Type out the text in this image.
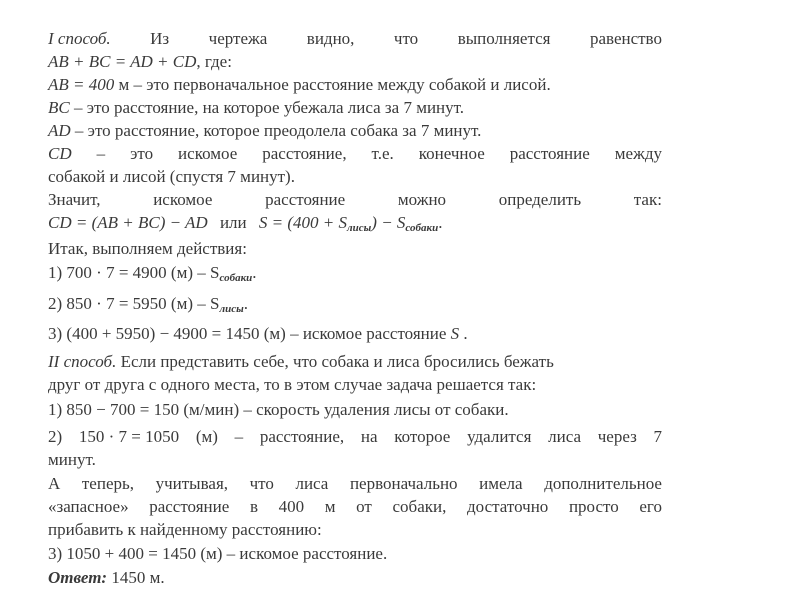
I способ. Из чертежа видно, что выполняется равенство
AB + BC = AD + CD, где:
AB = 400 м – это первоначальное расстояние между собакой и лисой.
BC – это расстояние, на которое убежала лиса за 7 минут.
AD – это расстояние, которое преодолела собака за 7 минут.
CD – это искомое расстояние, т.е. конечное расстояние между
собакой и лисой (спустя 7 минут).
Значит,	искомое	расстояние	можно	определить	так:
CD = (AB + BC) − AD или $S = (400 + S_{лисы}) - S_{собаки}$.
Итак, выполняем действия:
1) 700 · 7 = 4900 $(м) - S_{собаки}$.
2) 850 · 7 = 5950 $(м) - S_{лисы}$.
3) (400 + 5950) − 4900 = 1450 (м) – искомое расстояние S .
II способ. Если представить себе, что собака и лиса бросились бежать
друг от друга с одного места, то в этом случае задача решается так:
1) 850 − 700 = 150 (м/мин) – скорость удаления лисы от собаки.
2) 150 · 7 = 1050 (м) – расстояние, на которое удалится лиса через 7
минут.
А теперь, учитывая, что лиса первоначально имела дополнительное
«запасное» расстояние в 400 м от собаки, достаточно просто его
прибавить к найденному расстоянию:
3) 1050 + 400 = 1450 (м) – искомое расстояние.
Ответ: 1450 м.
